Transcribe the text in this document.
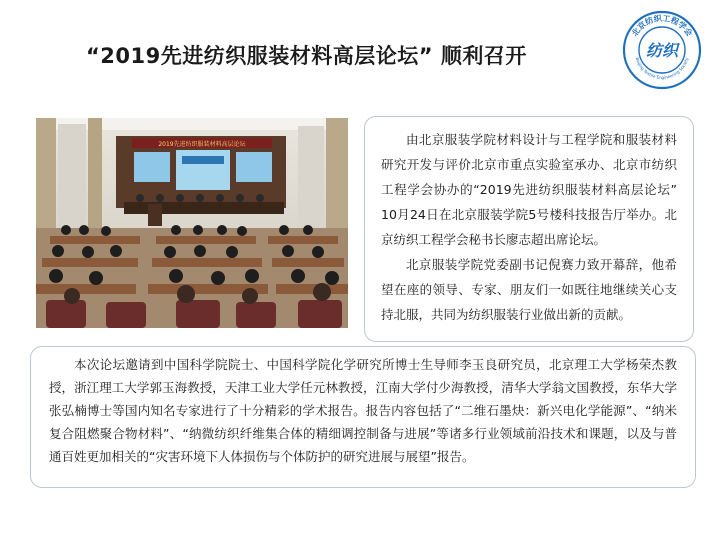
“2019先进纺织服装材料高层论坛” 顺利召开
北京纺织工程学会
Beijing Textile Engineering Society
纺织
2019先进纺织服装材料高层论坛	由北京服装学院材料设计与工程学院和服装材料研究开发与评价北京市重点实验室承办、北京市纺织工程学会协办的“2019先进纺织服装材料高层论坛” 10月24日在北京服装学院5号楼科技报告厅举办。北京纺织工程学会秘书长廖志超出席论坛。

北京服装学院党委副书记倪赛力致开幕辞，他希望在座的领导、专家、朋友们一如既往地继续关心支持北服，共同为纺织服装行业做出新的贡献。

本次论坛邀请到中国科学院院士、中国科学院化学研究所博士生导师李玉良研究员，北京理工大学杨荣杰教授，浙江理工大学郭玉海教授，天津工业大学任元林教授，江南大学付少海教授，清华大学翁文国教授，东华大学张弘楠博士等国内知名专家进行了十分精彩的学术报告。报告内容包括了“二维石墨炔：新兴电化学能源”、“纳米复合阻燃聚合物材料”、“纳微纺织纤维集合体的精细调控制备与进展”等诸多行业领域前沿技术和课题，以及与普通百姓更加相关的“灾害环境下人体损伤与个体防护的研究进展与展望”报告。
